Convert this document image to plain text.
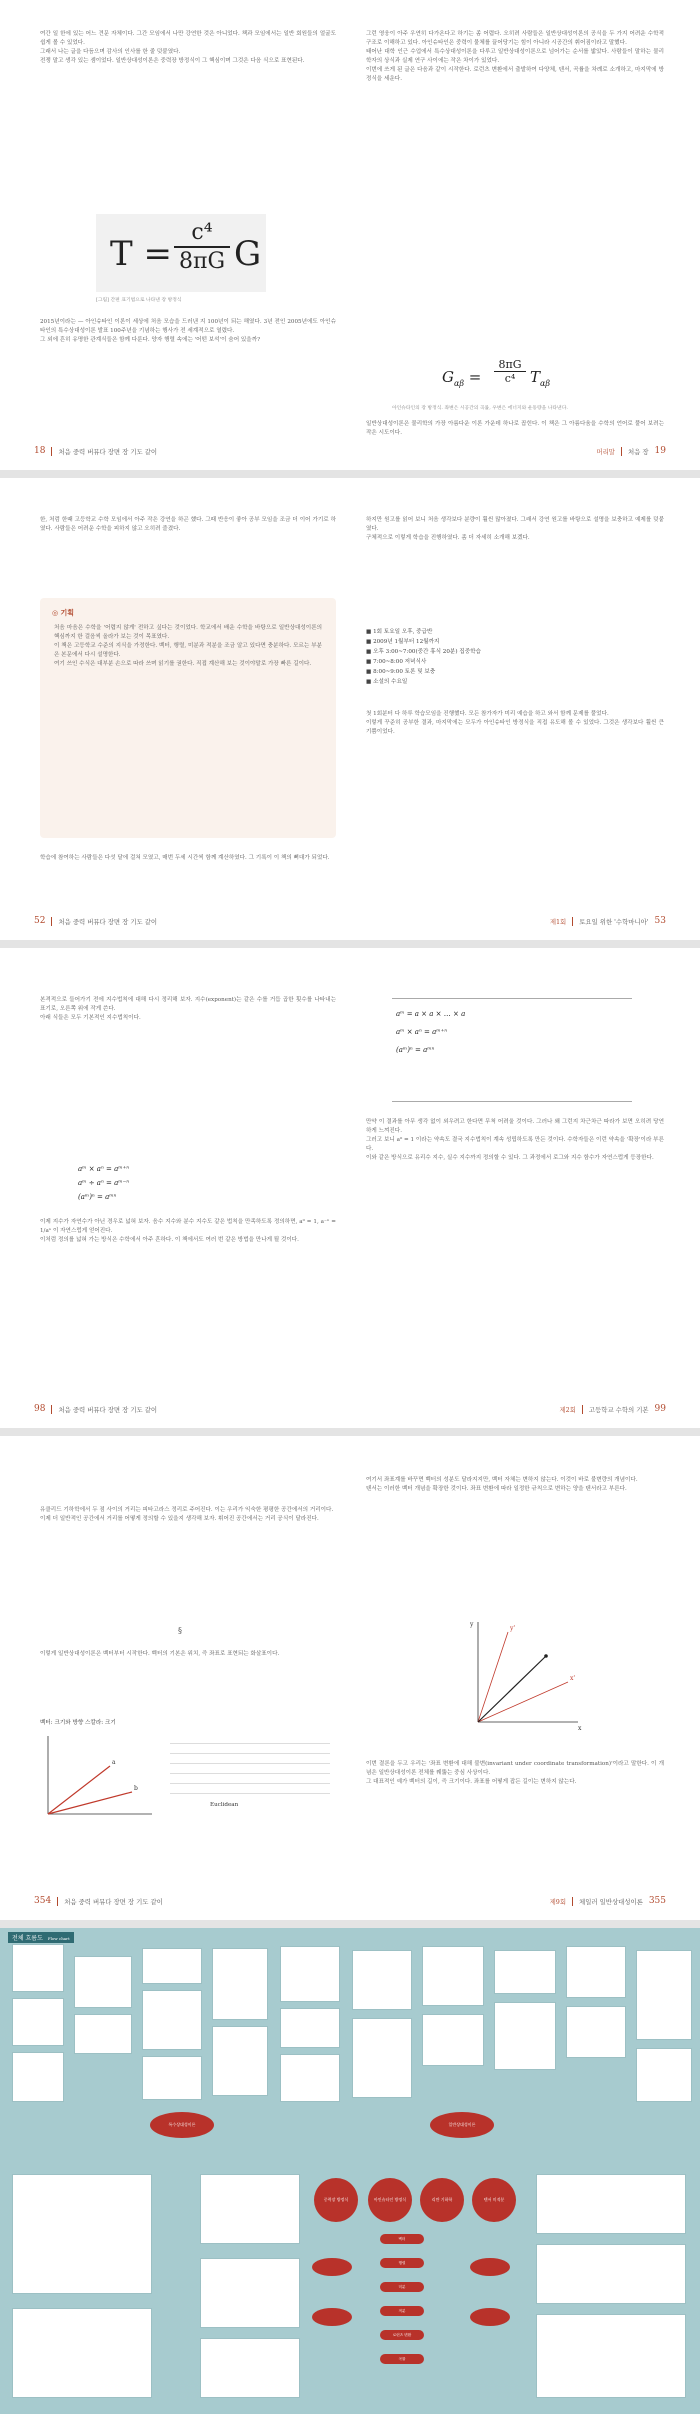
여간 일 한에 있는 어느 견문 자체이다. 그간 모임에서 나만 강연한 것은 아니었다. 책과 모임에서는 일반 회원들의 얼굴도 쉽게 볼 수 있었다.

그래서 나는 글을 다듬으며 감사의 인사를 한 줄 덧붙였다.

전쟁 말고 생각 있는 셈이었다. 일반상대성이론은 중력장 방정식이 그 핵심이며 그것은 다음 식으로 표현된다.

T =
c⁴
8πG G
[그림] 간편 표기법으로 나타낸 장 방정식

2015년이라는 — 아인슈타인 이론이 세상에 처음 모습을 드러낸 지 100년이 되는 해였다. 3년 전인 2005년에도 아인슈타인의 특수상대성이론 발표 100주년을 기념하는 행사가 전 세계적으로 열렸다.

그 외에 흔히 유명한 관계식들은 함께 다룬다. 양자 행렬 속에는 '어떤 보석'이 숨어 있을까?

18 처음 중력 버뮤다 장면 장 기도 같이

그런 영웅이 아주 우연히 다가온다고 하기는 좀 어렵다. 오히려 사람들은 일반상대성이론의 공식을 두 가지 어려운 수학적 구조로 이해하고 있다. 아인슈타인은 중력이 물체를 끌어당기는 힘이 아니라 시공간의 휘어짐이라고 말했다.

태어난 대학 인근 수업에서 특수상대성이론을 다루고 일반상대성이론으로 넘어가는 순서를 밟았다. 사람들이 말하는 물리학자의 상식과 실제 연구 사이에는 작은 차이가 있었다.

이번에 쓰게 된 글은 다음과 같이 시작한다. 로런츠 변환에서 출발하여 다양체, 텐서, 곡률을 차례로 소개하고, 마지막에 방정식을 세운다.

$G_{\alpha\beta}$ =
8πG
c⁴ $T_{\alpha\beta}$
아인슈타인의 장 방정식. 좌변은 시공간의 곡률, 우변은 에너지와 운동량을 나타낸다.

일반상대성이론은 물리학의 가장 아름다운 이론 가운데 하나로 꼽힌다. 이 책은 그 아름다움을 수학의 언어로 풀어 보려는 작은 시도이다.

머리말 처음 장 19

한, 처럼 한때 고등학교 수학 모임에서 아주 작은 강연을 하곤 했다. 그때 반응이 좋아 공부 모임을 조금 더 이어 가기로 하였다. 사람들은 어려운 수학을 피하지 않고 오히려 즐겼다.

◎ 기획

처음 마음은 수학을 '어렵지 않게' 전하고 싶다는 것이었다. 학교에서 배운 수학을 바탕으로 일반상대성이론의 핵심까지 한 걸음씩 올라가 보는 것이 목표였다.

이 책은 고등학교 수준의 지식을 가정한다. 벡터, 행렬, 미분과 적분을 조금 알고 있다면 충분하다. 모르는 부분은 본문에서 다시 설명한다.

여기 쓰인 수식은 대부분 손으로 따라 쓰며 읽기를 권한다. 직접 계산해 보는 것이야말로 가장 빠른 길이다.

학습에 참여하는 사람들은 다섯 달에 걸쳐 모였고, 매번 두세 시간씩 함께 계산하였다. 그 기록이 이 책의 뼈대가 되었다.

52 처음 중력 버뮤다 장면 장 기도 같이

하지만 원고를 읽어 보니 처음 생각보다 분량이 훨씬 많아졌다. 그래서 강연 원고를 바탕으로 설명을 보충하고 예제를 덧붙였다.

구체적으로 이렇게 학습을 진행하였다. 좀 더 자세히 소개해 보겠다.

■ 1회 토요일 오후, 중급반
■ 2009년 1월부터 12월까지
■ 오후 3:00~7:00(중간 휴식 20분) 집중학습
■ 7:00~8:00 저녁식사
■ 8:00~9:00 토론 및 보충
■ 소설의 수요일

첫 1회분터 다 하루 학습모임을 진행했다. 모든 참가자가 미리 예습을 하고 와서 함께 문제를 풀었다.

이렇게 꾸준히 공부한 결과, 마지막에는 모두가 아인슈타인 방정식을 직접 유도해 볼 수 있었다. 그것은 생각보다 훨씬 큰 기쁨이었다.

제1회 토요일 위한 '수학마니아' 53

본격적으로 들어가기 전에 지수법칙에 대해 다시 정리해 보자. 지수(exponent)는 같은 수를 거듭 곱한 횟수를 나타내는 표기로, 오른쪽 위에 작게 쓴다.

아래 식들은 모두 기본적인 지수법칙이다.

aᵐ × aⁿ = aᵐ⁺ⁿ
aᵐ ÷ aⁿ = aᵐ⁻ⁿ
(aᵐ)ⁿ = aᵐⁿ

이제 지수가 자연수가 아닌 경우로 넓혀 보자. 음수 지수와 분수 지수도 같은 법칙을 만족하도록 정의하면, a⁰ = 1, a⁻ⁿ = 1/aⁿ 이 자연스럽게 얻어진다.

이처럼 정의를 넓혀 가는 방식은 수학에서 아주 흔하다. 이 책에서도 여러 번 같은 방법을 만나게 될 것이다.

98 처음 중력 버뮤다 장면 장 기도 같이
aᵐ = a × a × … × a
aᵐ × aⁿ = aᵐ⁺ⁿ
(aᵐ)ⁿ = aᵐⁿ

만약 이 결과를 아무 생각 없이 외우려고 한다면 무척 어려울 것이다. 그러나 왜 그런지 차근차근 따라가 보면 오히려 당연하게 느껴진다.

그러고 보니 a⁰ = 1 이라는 약속도 결국 지수법칙이 계속 성립하도록 만든 것이다. 수학자들은 이런 약속을 '확장'이라 부른다.

이와 같은 방식으로 유리수 지수, 실수 지수까지 정의할 수 있다. 그 과정에서 로그와 지수 함수가 자연스럽게 등장한다.

제2회 고등학교 수학의 기본 99

유클리드 기하학에서 두 점 사이의 거리는 피타고라스 정리로 주어진다. 이는 우리가 익숙한 평평한 공간에서의 거리이다.

이제 더 일반적인 공간에서 거리를 어떻게 정의할 수 있을지 생각해 보자. 휘어진 공간에서는 거리 공식이 달라진다.

§

이렇게 일반상대성이론은 벡터부터 시작한다. 벡터의 기본은 위치, 즉 좌표로 표현되는 화살표이다.

벡터: 크기와 방향 스칼라: 크기
a
b
Euclidean
354 처음 중력 버뮤다 장면 장 기도 같이

여기서 좌표계를 바꾸면 벡터의 성분도 달라지지만, 벡터 자체는 변하지 않는다. 이것이 바로 불변량의 개념이다.

텐서는 이러한 벡터 개념을 확장한 것이다. 좌표 변환에 따라 일정한 규칙으로 변하는 양을 텐서라고 부른다.

y
x
y'
x'

이번 결론을 두고 우리는 '좌표 변환에 대해 불변(invariant under coordinate transformation)'이라고 말한다. 이 개념은 일반상대성이론 전체를 꿰뚫는 중심 사상이다.

그 대표적인 예가 벡터의 길이, 즉 크기이다. 좌표를 어떻게 잡든 길이는 변하지 않는다.

제9회 체일러 일반상대성이론 355
전체 흐름도 Flow chart
특수상대성이론	일반상대성이론
중력장 방정식	아인슈타인 방정식	리만 기하학	텐서 미적분
벡터
행렬
미분
적분
로런츠 변환
곡률
